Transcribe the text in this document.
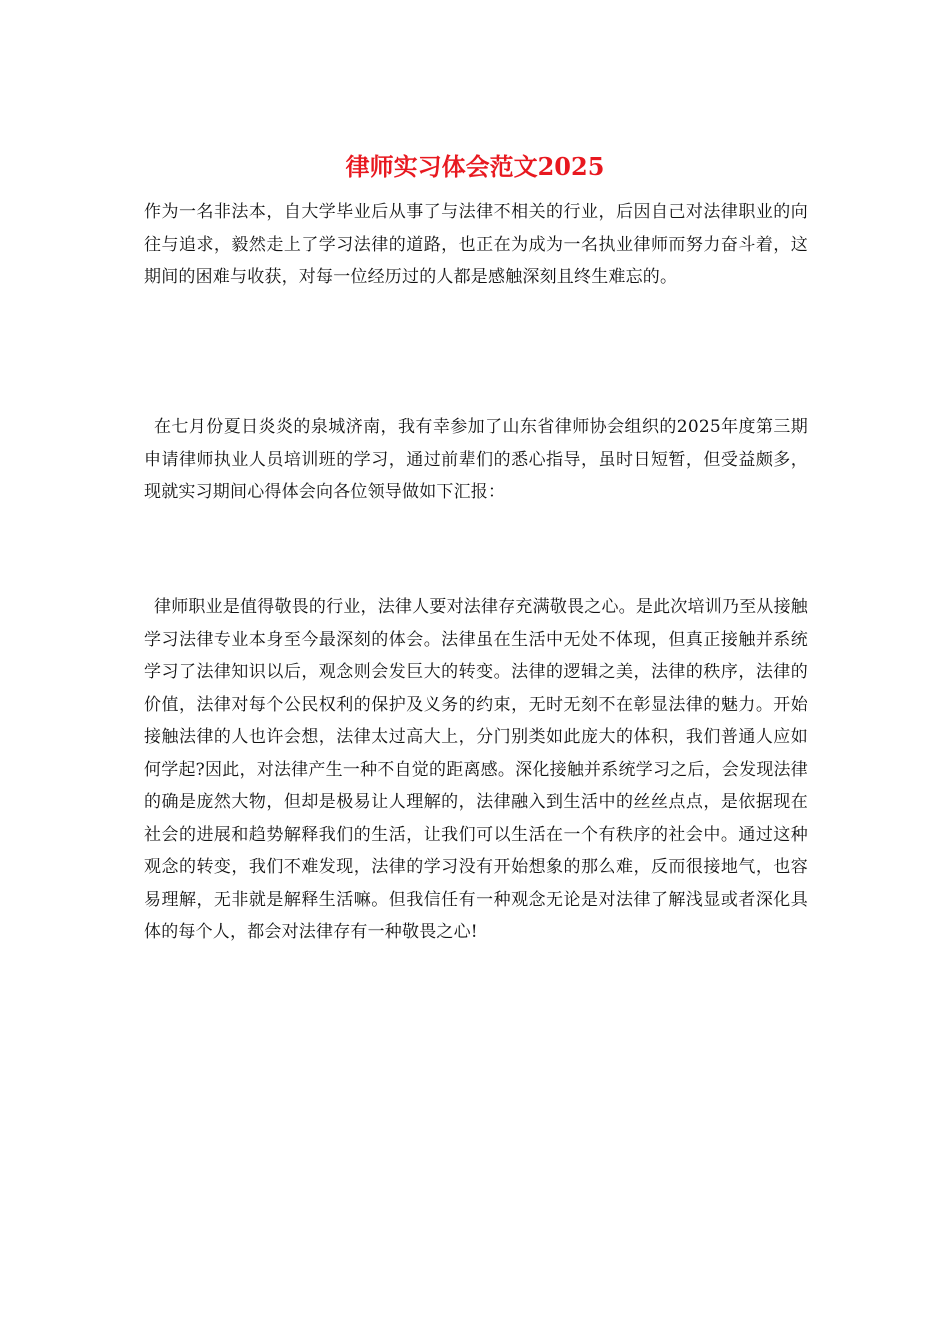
律师实习体会范文2025

作为一名非法本，自大学毕业后从事了与法律不相关的行业，后因自己对法律职业的向往与追求，毅然走上了学习法律的道路，也正在为成为一名执业律师而努力奋斗着，这期间的困难与收获，对每一位经历过的人都是感触深刻且终生难忘的。

在七月份夏日炎炎的泉城济南，我有幸参加了山东省律师协会组织的2025年度第三期申请律师执业人员培训班的学习，通过前辈们的悉心指导，虽时日短暂，但受益颇多，现就实习期间心得体会向各位领导做如下汇报：

律师职业是值得敬畏的行业，法律人要对法律存充满敬畏之心。是此次培训乃至从接触学习法律专业本身至今最深刻的体会。法律虽在生活中无处不体现，但真正接触并系统学习了法律知识以后，观念则会发巨大的转变。法律的逻辑之美，法律的秩序，法律的价值，法律对每个公民权利的保护及义务的约束，无时无刻不在彰显法律的魅力。开始接触法律的人也许会想，法律太过高大上，分门别类如此庞大的体积，我们普通人应如何学起?因此，对法律产生一种不自觉的距离感。深化接触并系统学习之后，会发现法律的确是庞然大物，但却是极易让人理解的，法律融入到生活中的丝丝点点，是依据现在社会的进展和趋势解释我们的生活，让我们可以生活在一个有秩序的社会中。通过这种观念的转变，我们不难发现，法律的学习没有开始想象的那么难，反而很接地气，也容易理解，无非就是解释生活嘛。但我信任有一种观念无论是对法律了解浅显或者深化具体的每个人，都会对法律存有一种敬畏之心!
